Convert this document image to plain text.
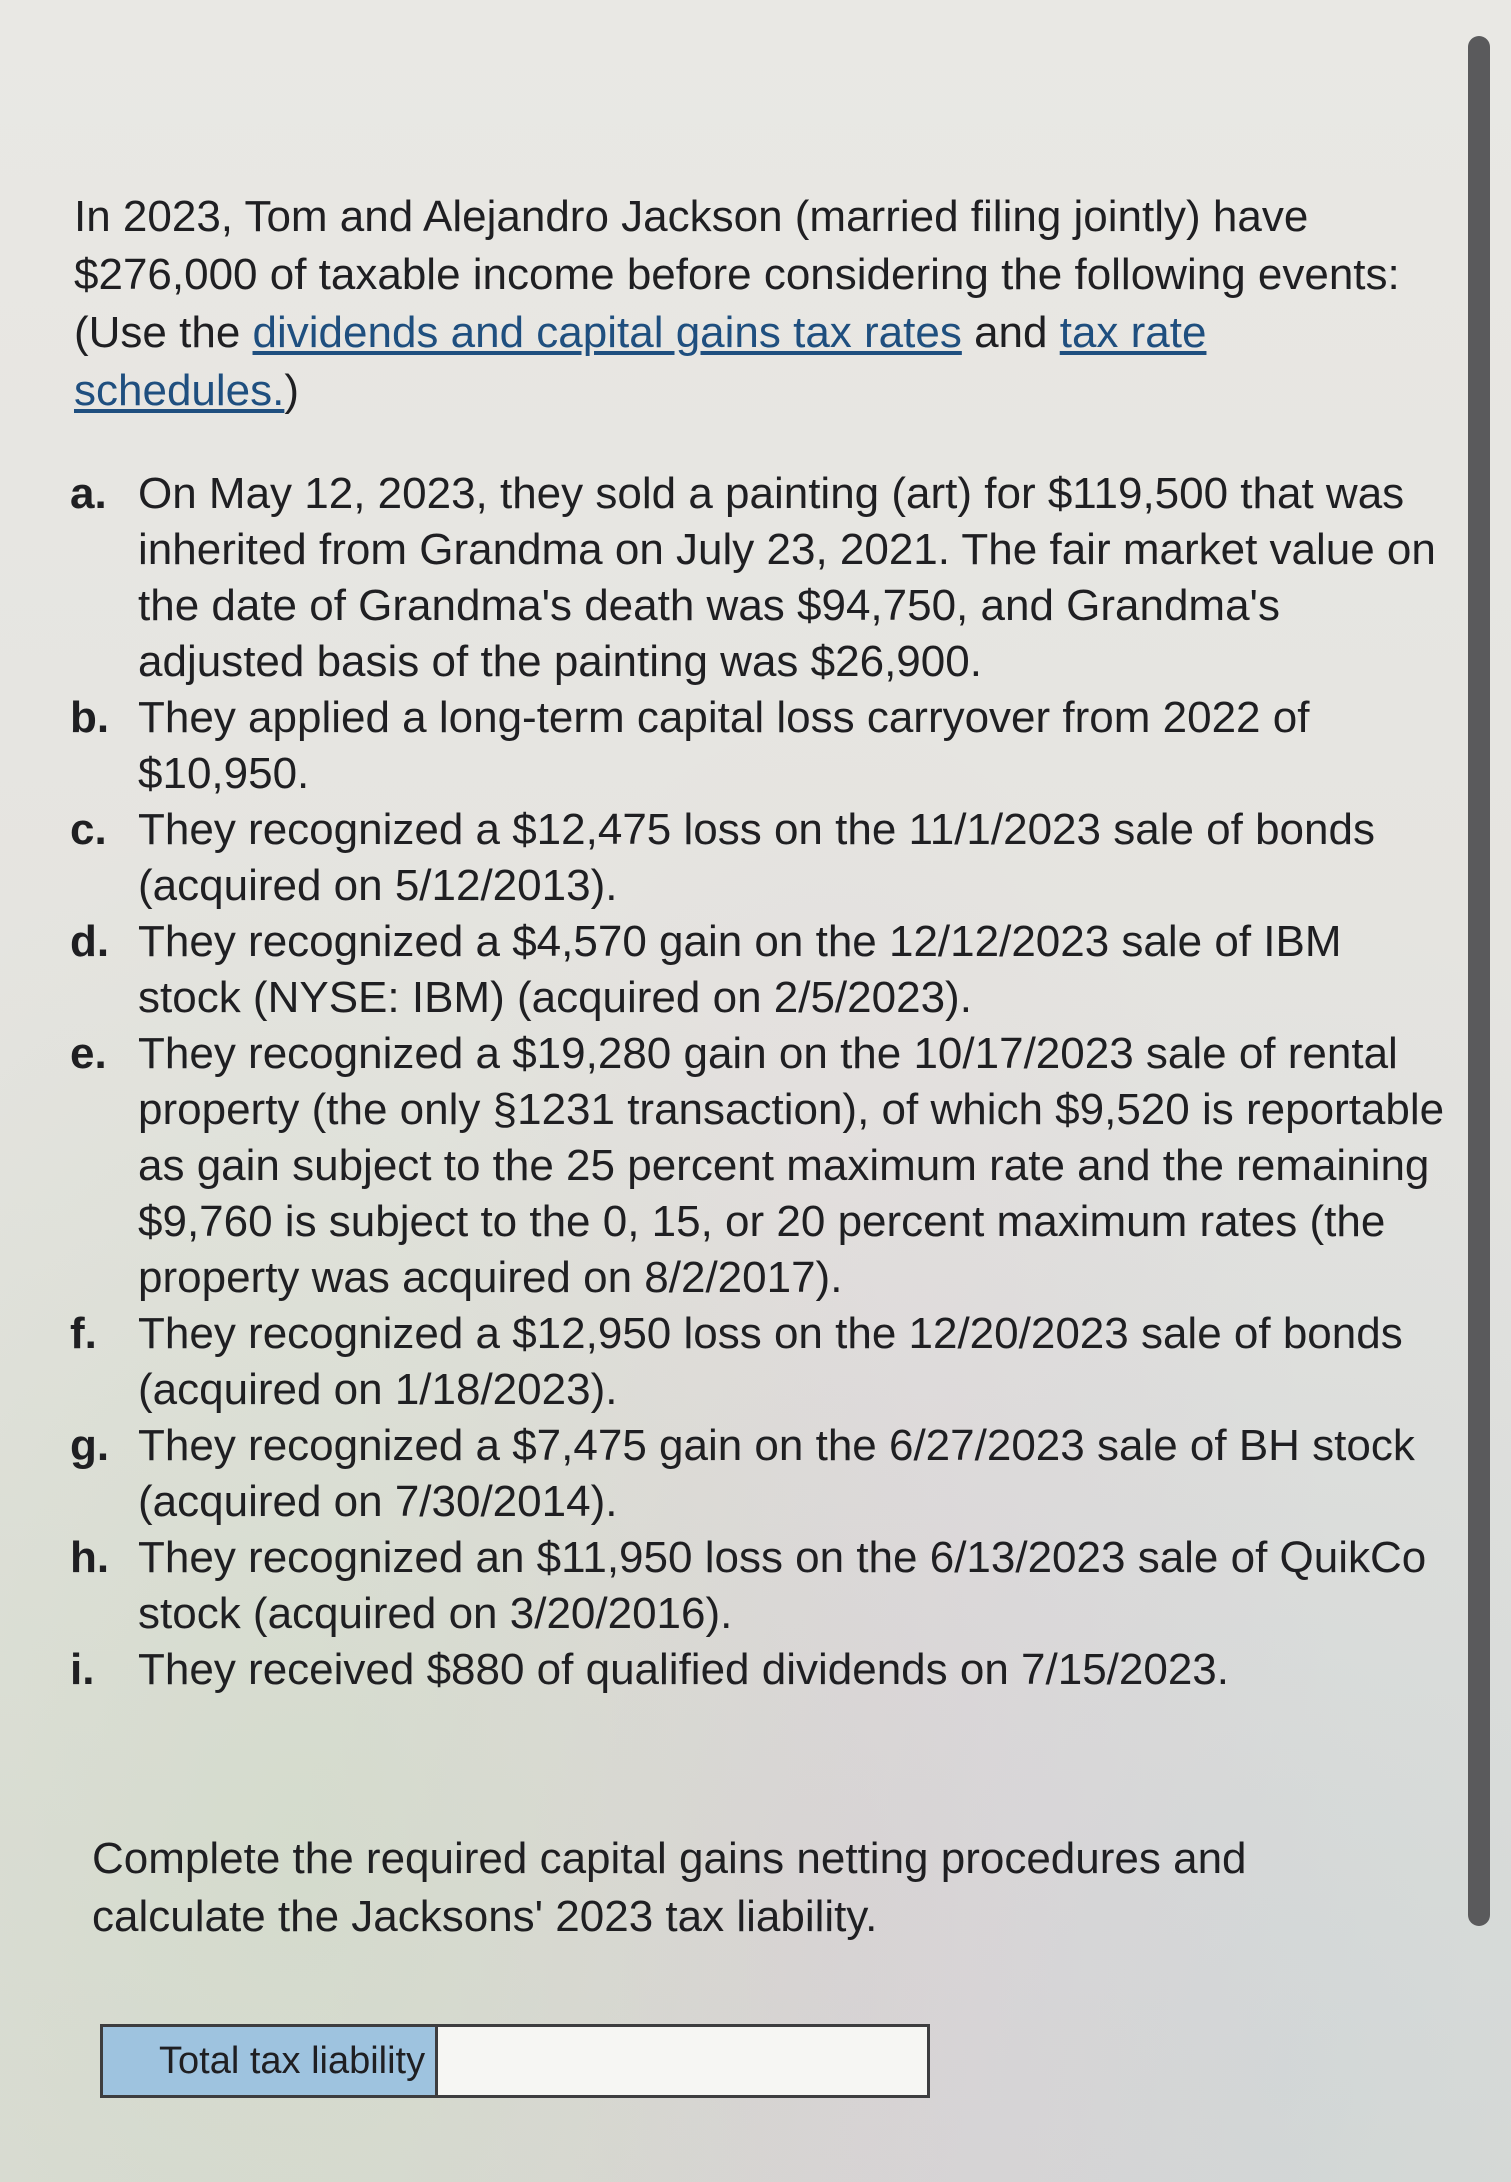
In 2023, Tom and Alejandro Jackson (married filing jointly) have $276,000 of taxable income before considering the following events: (Use the dividends and capital gains tax rates and tax rate schedules.)
a. On May 12, 2023, they sold a painting (art) for $119,500 that was inherited from Grandma on July 23, 2021. The fair market value on the date of Grandma's death was $94,750, and Grandma's adjusted basis of the painting was $26,900.
b. They applied a long-term capital loss carryover from 2022 of $10,950.
c. They recognized a $12,475 loss on the 11/1/2023 sale of bonds (acquired on 5/12/2013).
d. They recognized a $4,570 gain on the 12/12/2023 sale of IBM stock (NYSE: IBM) (acquired on 2/5/2023).
e. They recognized a $19,280 gain on the 10/17/2023 sale of rental property (the only §1231 transaction), of which $9,520 is reportable as gain subject to the 25 percent maximum rate and the remaining $9,760 is subject to the 0, 15, or 20 percent maximum rates (the property was acquired on 8/2/2017).
f. They recognized a $12,950 loss on the 12/20/2023 sale of bonds (acquired on 1/18/2023).
g. They recognized a $7,475 gain on the 6/27/2023 sale of BH stock (acquired on 7/30/2014).
h. They recognized an $11,950 loss on the 6/13/2023 sale of QuikCo stock (acquired on 3/20/2016).
i. They received $880 of qualified dividends on 7/15/2023.
Complete the required capital gains netting procedures and calculate the Jacksons' 2023 tax liability.
Total tax liability
